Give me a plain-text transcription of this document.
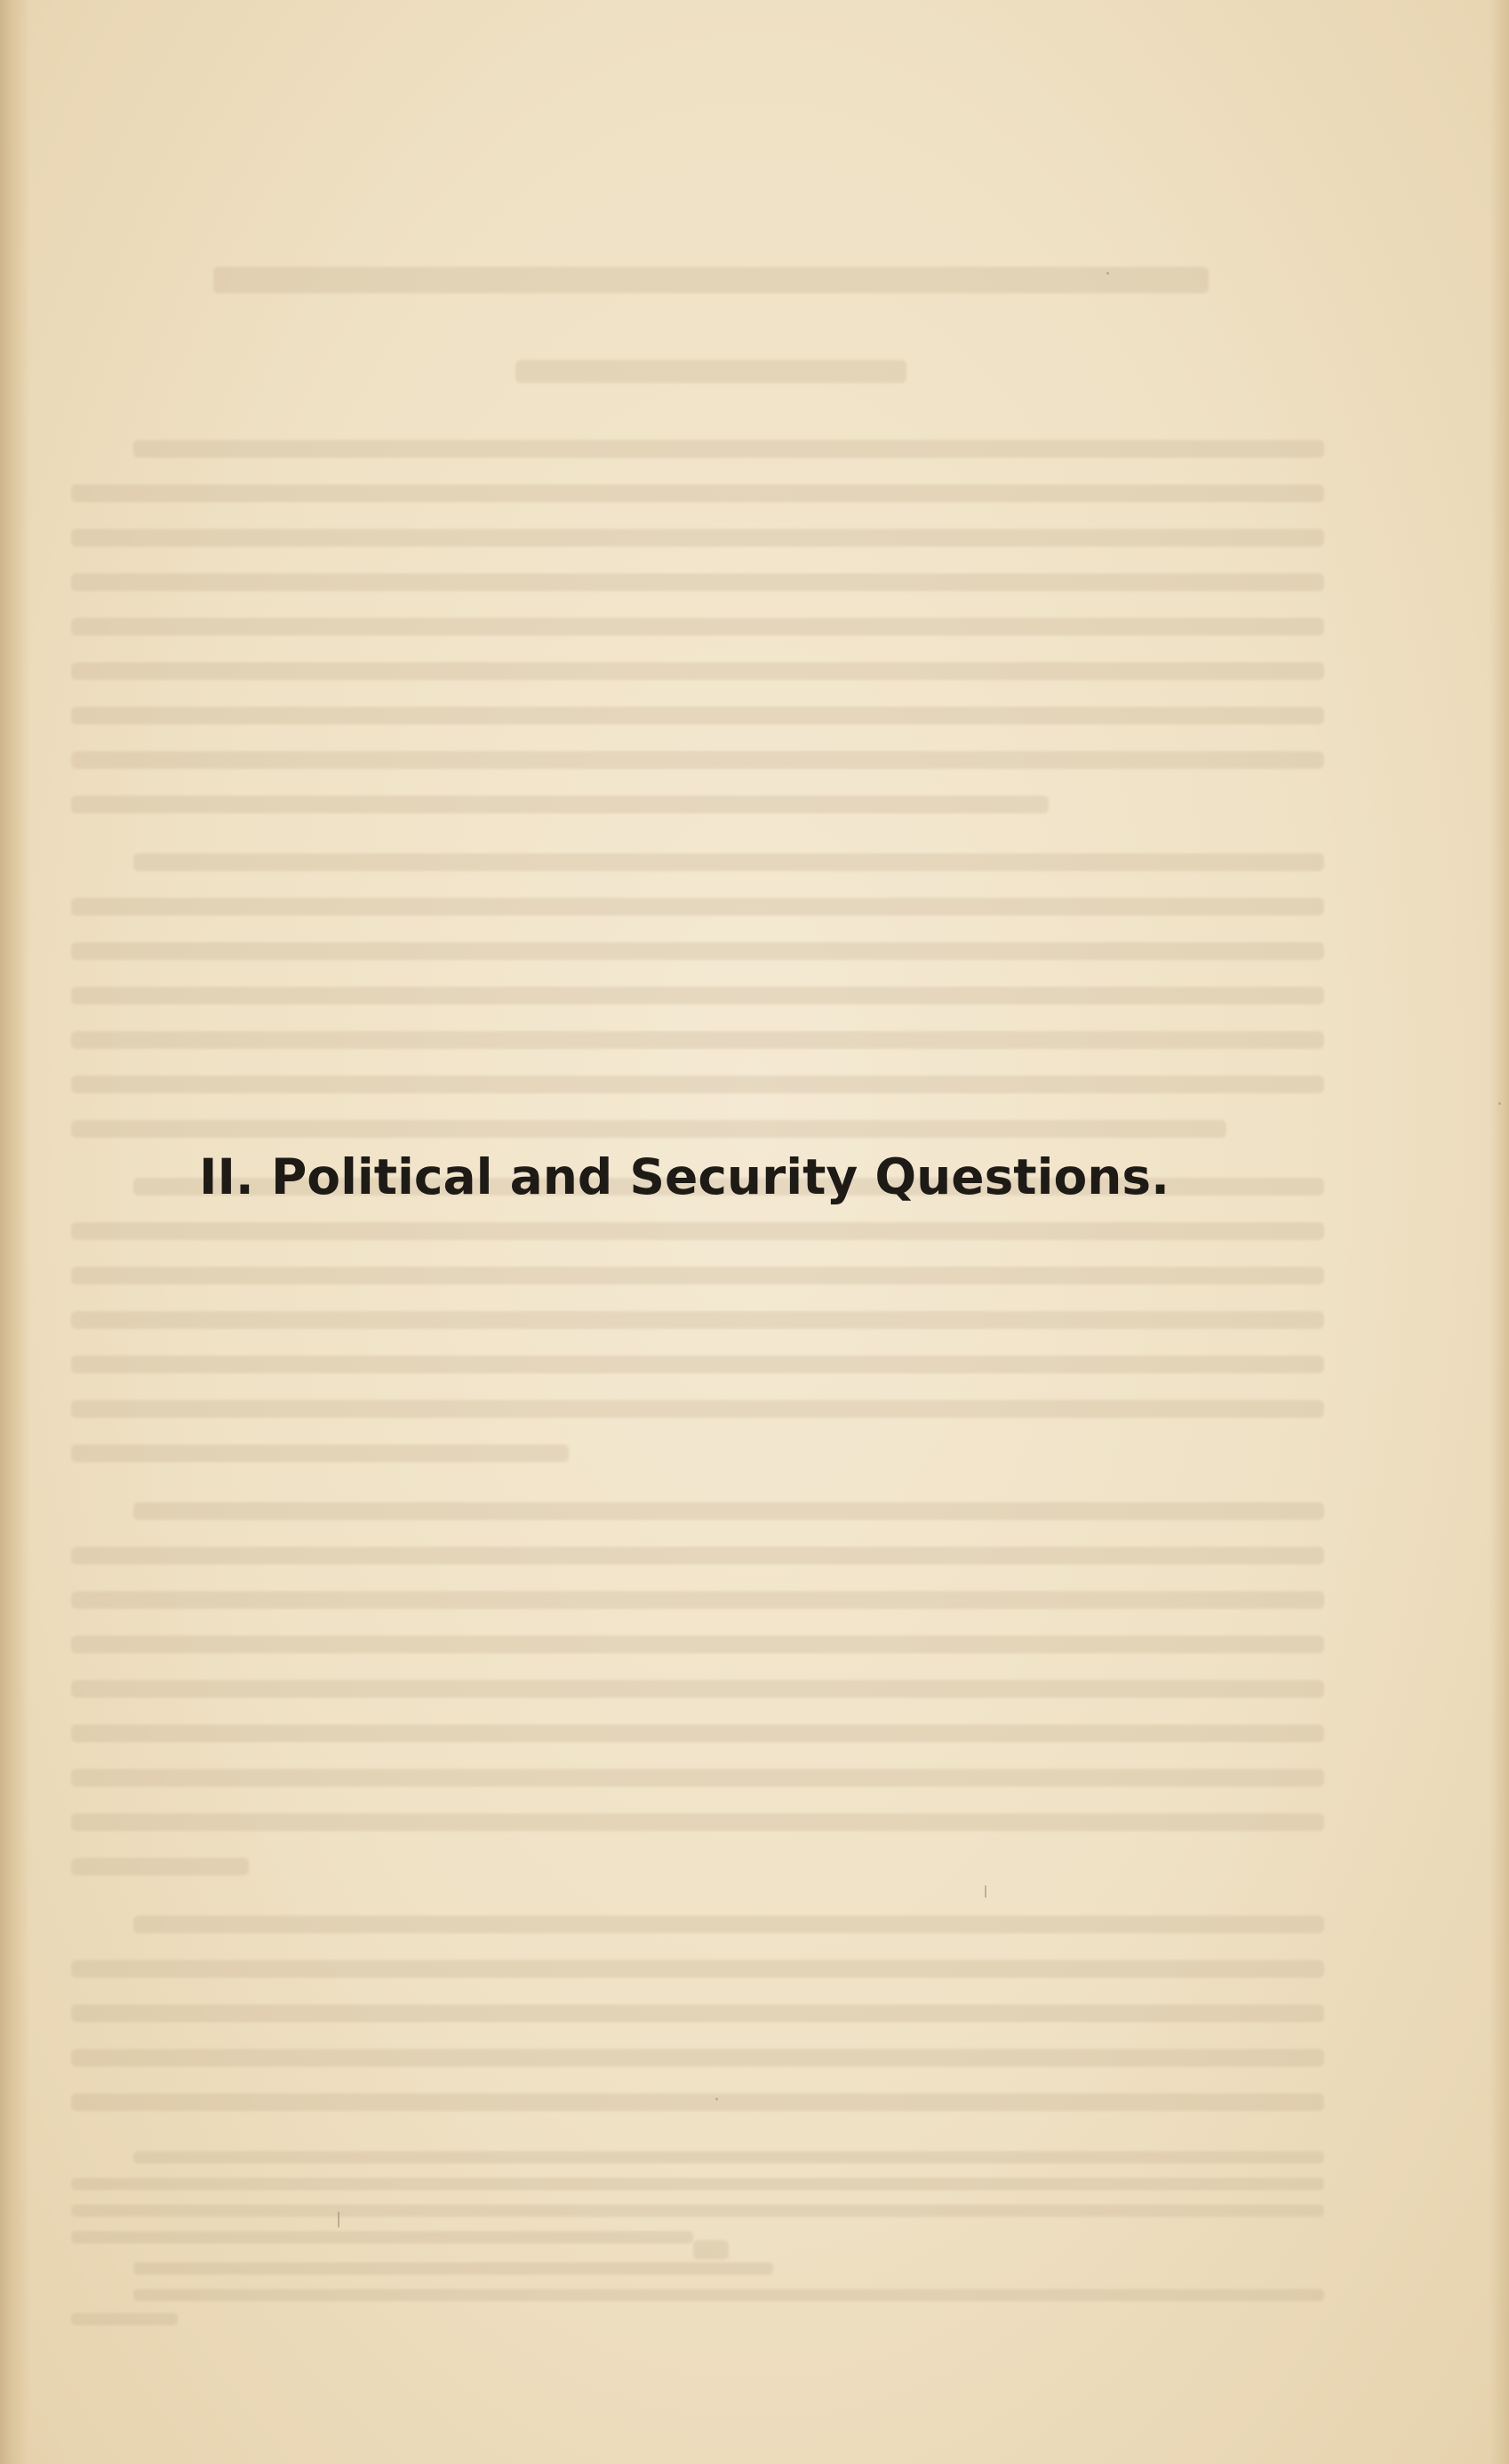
II. Political and Security Questions.
